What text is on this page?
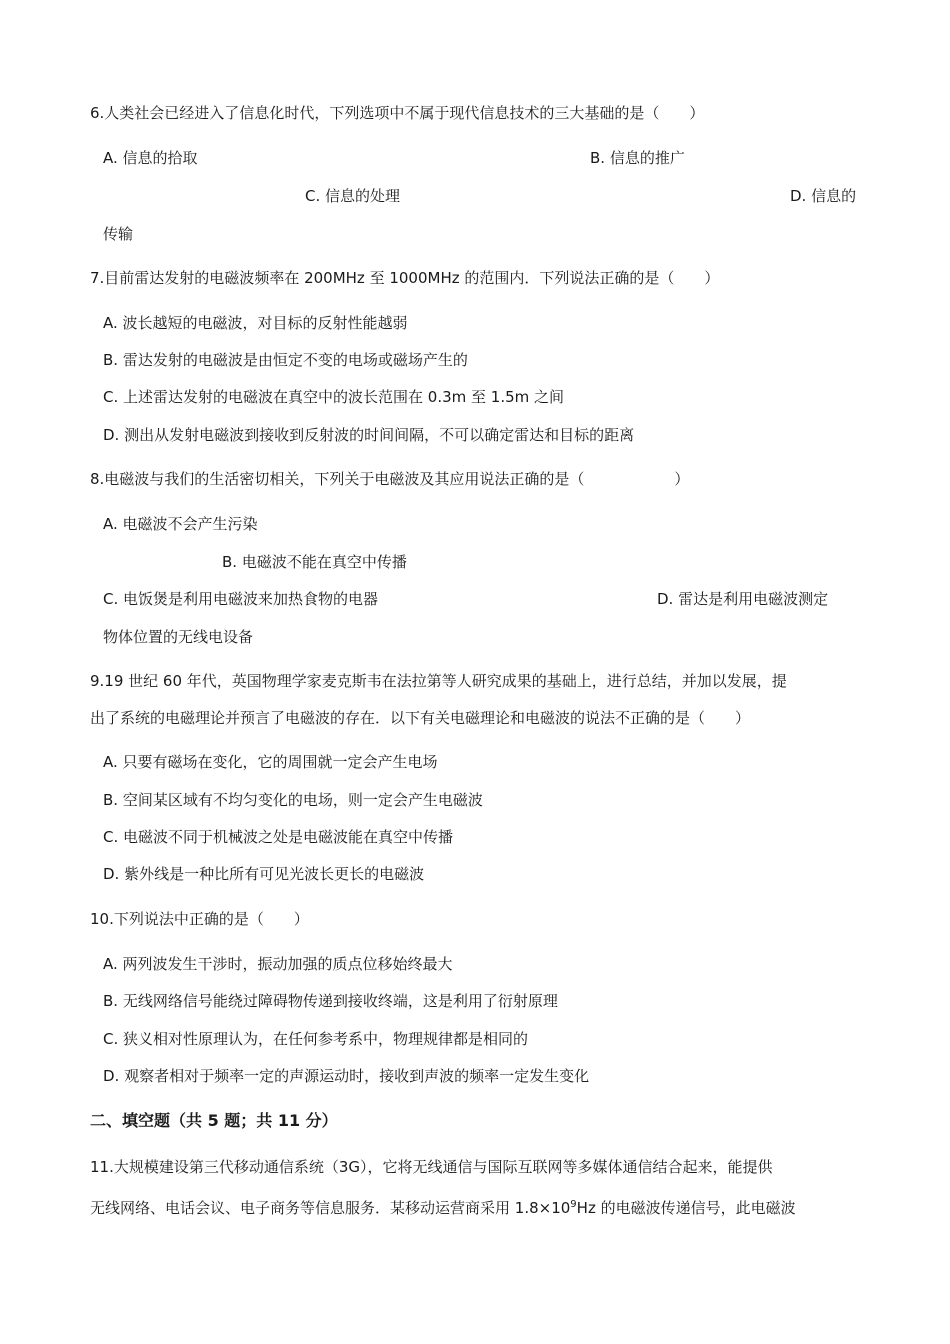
6.人类社会已经进入了信息化时代，下列选项中不属于现代信息技术的三大基础的是（　　）
A. 信息的拾取	B. 信息的推广
C. 信息的处理	D. 信息的
传输
7.目前雷达发射的电磁波频率在 200MHz 至 1000MHz 的范围内．下列说法正确的是（　　）
A. 波长越短的电磁波，对目标的反射性能越弱
B. 雷达发射的电磁波是由恒定不变的电场或磁场产生的
C. 上述雷达发射的电磁波在真空中的波长范围在 0.3m 至 1.5m 之间
D. 测出从发射电磁波到接收到反射波的时间间隔，不可以确定雷达和目标的距离
8.电磁波与我们的生活密切相关，下列关于电磁波及其应用说法正确的是（　　　　　　）
A. 电磁波不会产生污染
B. 电磁波不能在真空中传播
C. 电饭煲是利用电磁波来加热食物的电器	D. 雷达是利用电磁波测定
物体位置的无线电设备
9.19 世纪 60 年代，英国物理学家麦克斯韦在法拉第等人研究成果的基础上，进行总结，并加以发展，提
出了系统的电磁理论并预言了电磁波的存在．以下有关电磁理论和电磁波的说法不正确的是（　　）
A. 只要有磁场在变化，它的周围就一定会产生电场
B. 空间某区域有不均匀变化的电场，则一定会产生电磁波
C. 电磁波不同于机械波之处是电磁波能在真空中传播
D. 紫外线是一种比所有可见光波长更长的电磁波
10.下列说法中正确的是（　　）
A. 两列波发生干涉时，振动加强的质点位移始终最大
B. 无线网络信号能绕过障碍物传递到接收终端，这是利用了衍射原理
C. 狭义相对性原理认为，在任何参考系中，物理规律都是相同的
D. 观察者相对于频率一定的声源运动时，接收到声波的频率一定发生变化
二、填空题（共 5 题；共 11 分）
11.大规模建设第三代移动通信系统（3G），它将无线通信与国际互联网等多媒体通信结合起来，能提供
无线网络、电话会议、电子商务等信息服务．某移动运营商采用 $1.8\times 10^9Hz$ 的电磁波传递信号，此电磁波
